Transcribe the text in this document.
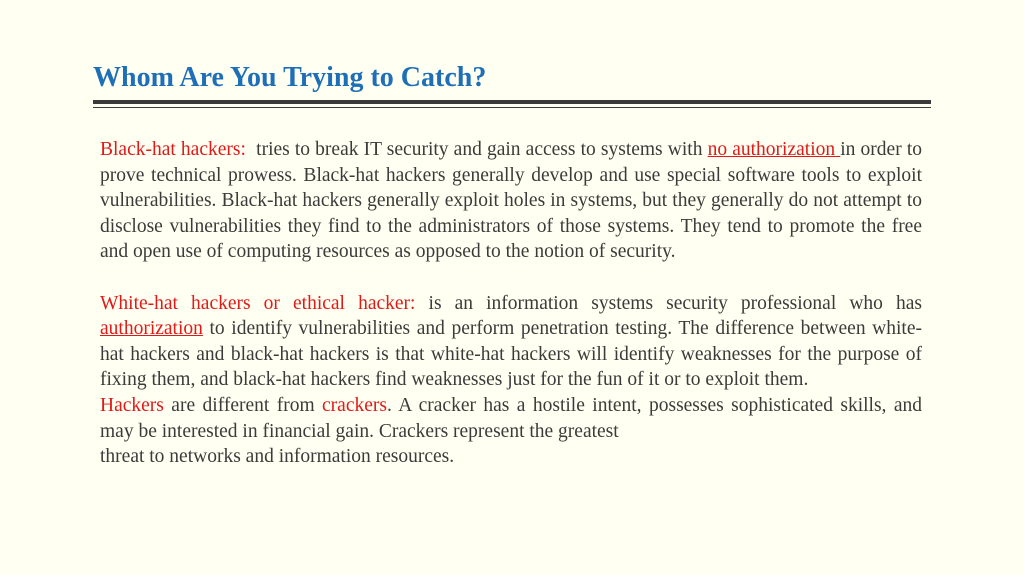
Whom Are You Trying to Catch?

Black-hat hackers:  tries to break IT security and gain access to systems with no authorization in order to prove technical prowess. Black-hat hackers generally develop and use special software tools to exploit vulnerabilities. Black-hat hackers generally exploit holes in systems, but they generally do not attempt to disclose vulnerabilities they find to the administrators of those systems. They tend to promote the free and open use of computing resources as opposed to the notion of security.

White-hat hackers or ethical hacker: is an information systems security professional who has authorization to identify vulnerabilities and perform penetration testing. The difference between white-hat hackers and black-hat hackers is that white-hat hackers will identify weaknesses for the purpose of fixing them, and black-hat hackers find weaknesses just for the fun of it or to exploit them.

Hackers are different from crackers. A cracker has a hostile intent, possesses sophisticated skills, and may be interested in financial gain. Crackers represent the greatest

threat to networks and information resources.
